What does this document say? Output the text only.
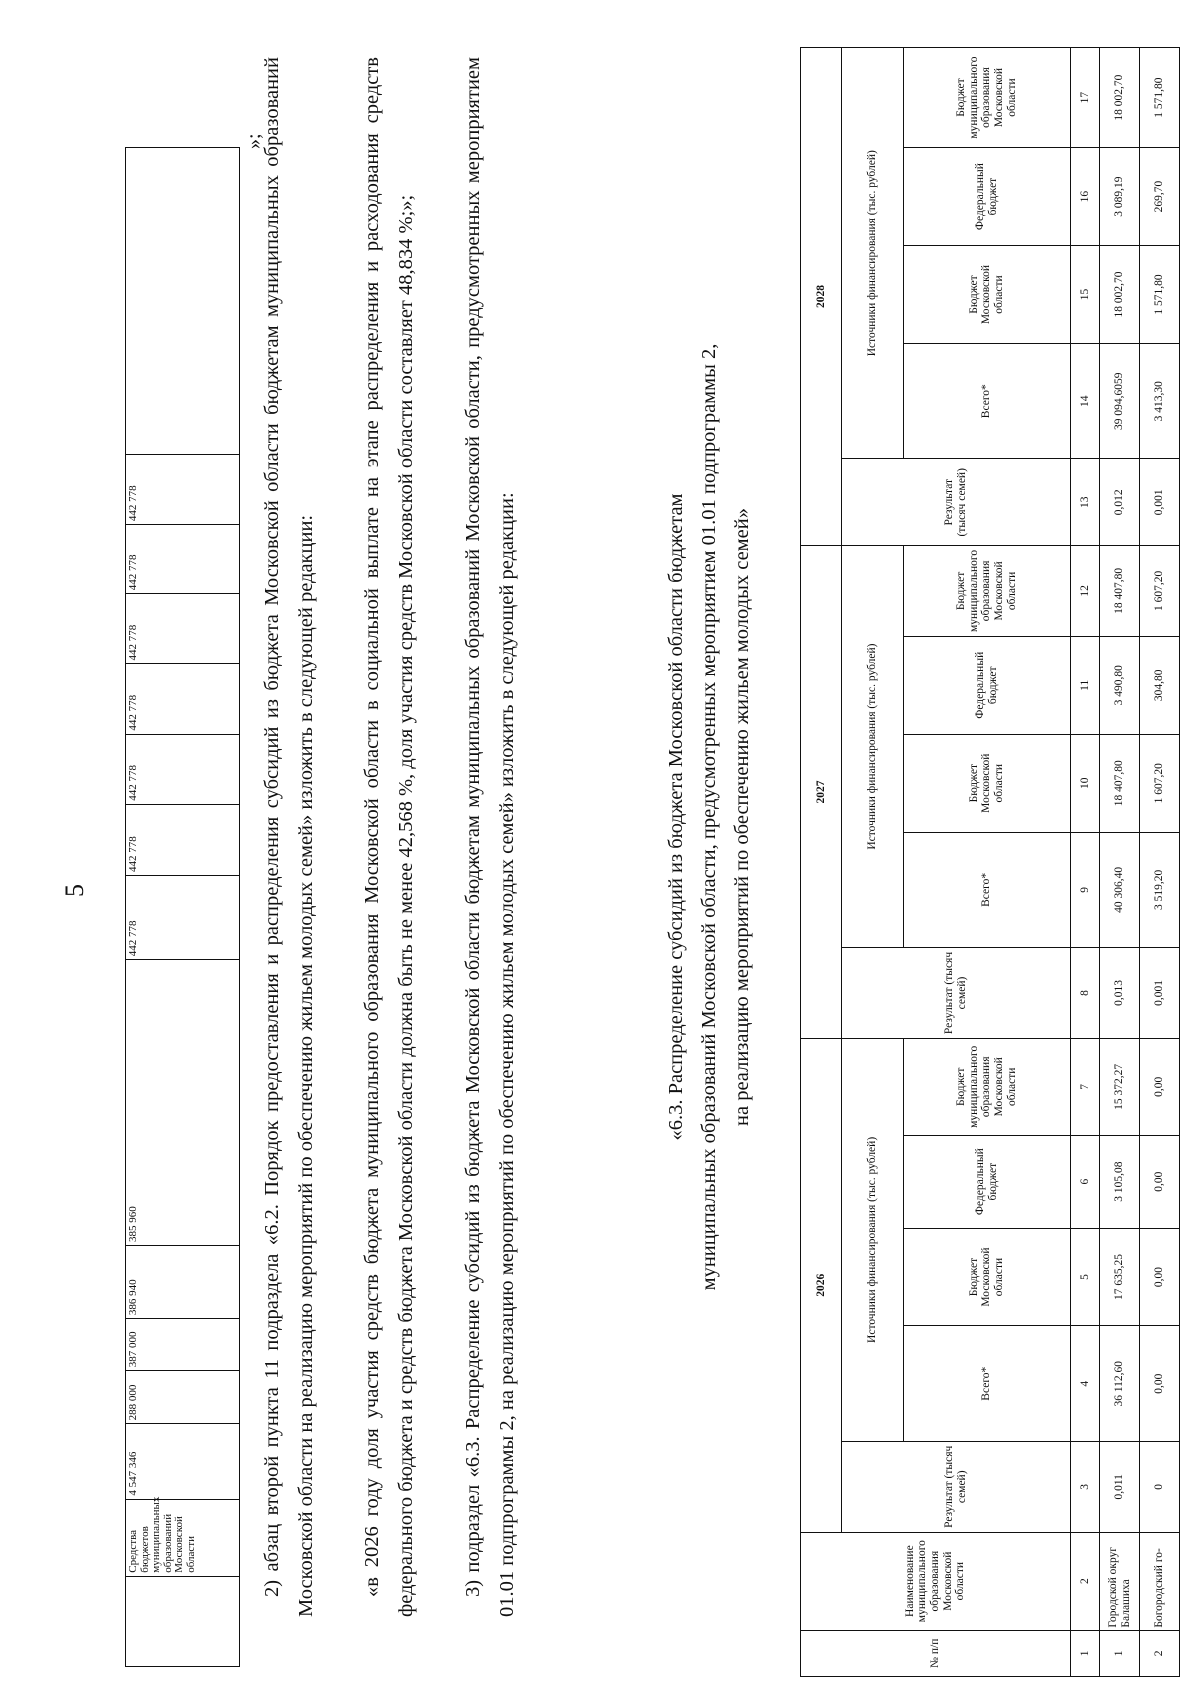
5
	Средства бюджетов муниципальных образований Московской области	4 547 346	288 000	387 000	386 940	385 960	442 778	442 778	442 778	442 778	442 778	442 778	442 778	
»;

2) абзац второй пункта 11 подраздела «6.2. Порядок предоставления и распределения субсидий из бюджета Московской области бюджетам муниципальных образований Московской области на реализацию мероприятий по обеспечению жильем молодых семей» изложить в следующей редакции:	«в 2026 году доля участия средств бюджета муниципального образования Московской области в социальной выплате на этапе распределения и расходования средств федерального бюджета и средств бюджета Московской области должна быть не менее 42,568 %, доля участия средств Московской области составляет 48,834 %;»;	3) подраздел «6.3. Распределение субсидий из бюджета Московской области бюджетам муниципальных образований Московской области, предусмотренных мероприятием 01.01 подпрограммы 2, на реализацию мероприятий по обеспечению жильем молодых семей» изложить в следующей редакции:	«6.3. Распределение субсидий из бюджета Московской области бюджетам муниципальных образований Московской области, предусмотренных мероприятием 01.01 подпрограммы 2, на реализацию мероприятий по обеспечению жильем молодых семей»
№ п/п	Наименование муниципального образования Московской области	2026					2027					2028				
		Результат (тысяч семей)	Источники финансирования (тыс. рублей)				Результат (тысяч семей)	Источники финансирования (тыс. рублей)				Результат (тысяч семей)	Источники финансирования (тыс. рублей)			
			Всего*	Бюджет Московской области	Федеральный бюджет	Бюджет муниципального образования Московской области		Всего*	Бюджет Московской области	Федеральный бюджет	Бюджет муниципального образования Московской области		Всего*	Бюджет Московской области	Федеральный бюджет	Бюджет муниципального образования Московской области
1	2	3	4	5	6	7	8	9	10	11	12	13	14	15	16	17
1	Городской округ Балашиха	0,011	36 112,60	17 635,25	3 105,08	15 372,27	0,013	40 306,40	18 407,80	3 490,80	18 407,80	0,012	39 094,6059	18 002,70	3 089,19	18 002,70
2	Богородский го-	0	0,00	0,00	0,00	0,00	0,001	3 519,20	1 607,20	304,80	1 607,20	0,001	3 413,30	1 571,80	269,70	1 571,80
